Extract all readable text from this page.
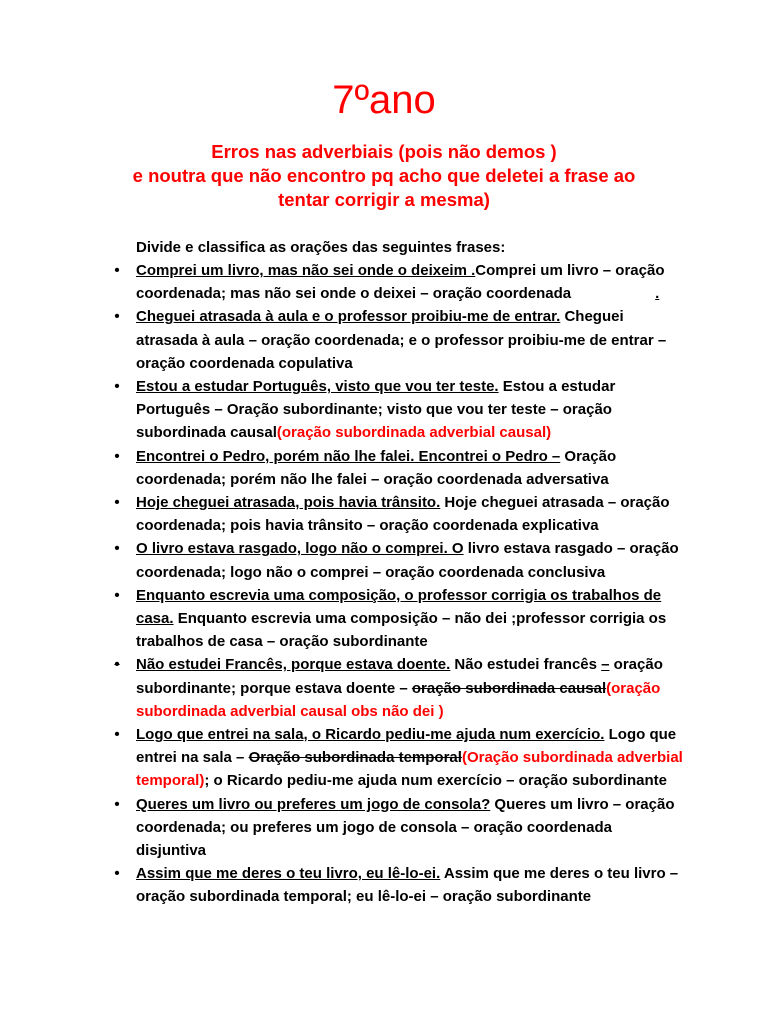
7ºano
Erros nas adverbiais (pois não demos )
e noutra que não encontro pq acho que deletei a frase ao
tentar corrigir a mesma)
Divide e classifica as orações das seguintes frases:
• Comprei um livro, mas não sei onde o deixeim .Comprei um livro – oração coordenada; mas não sei onde o deixei – oração coordenada	.
• Cheguei atrasada à aula e o professor proibiu-me de entrar. Cheguei atrasada à aula – oração coordenada; e o professor proibiu-me de entrar – oração coordenada copulativa
• Estou a estudar Português, visto que vou ter teste. Estou a estudar Português – Oração subordinante; visto que vou ter teste – oração subordinada causal(oração subordinada adverbial causal)
• Encontrei o Pedro, porém não lhe falei. Encontrei o Pedro – Oração coordenada; porém não lhe falei – oração coordenada adversativa
• Hoje cheguei atrasada, pois havia trânsito. Hoje cheguei atrasada – oração coordenada; pois havia trânsito – oração coordenada explicativa
• O livro estava rasgado, logo não o comprei. O livro estava rasgado – oração coordenada; logo não o comprei – oração coordenada conclusiva
• Enquanto escrevia uma composição, o professor corrigia os trabalhos de casa. Enquanto escrevia uma composição – não dei ;professor corrigia os trabalhos de casa – oração subordinante
• Não estudei Francês, porque estava doente. Não estudei francês – oração subordinante; porque estava doente – oração subordinada causal(oração subordinada adverbial causal obs não dei )
• Logo que entrei na sala, o Ricardo pediu-me ajuda num exercício. Logo que entrei na sala – Oração subordinada temporal(Oração subordinada adverbial temporal); o Ricardo pediu-me ajuda num exercício – oração subordinante
• Queres um livro ou preferes um jogo de consola? Queres um livro – oração coordenada; ou preferes um jogo de consola – oração coordenada disjuntiva
• Assim que me deres o teu livro, eu lê-lo-ei. Assim que me deres o teu livro – oração subordinada temporal; eu lê-lo-ei – oração subordinante
